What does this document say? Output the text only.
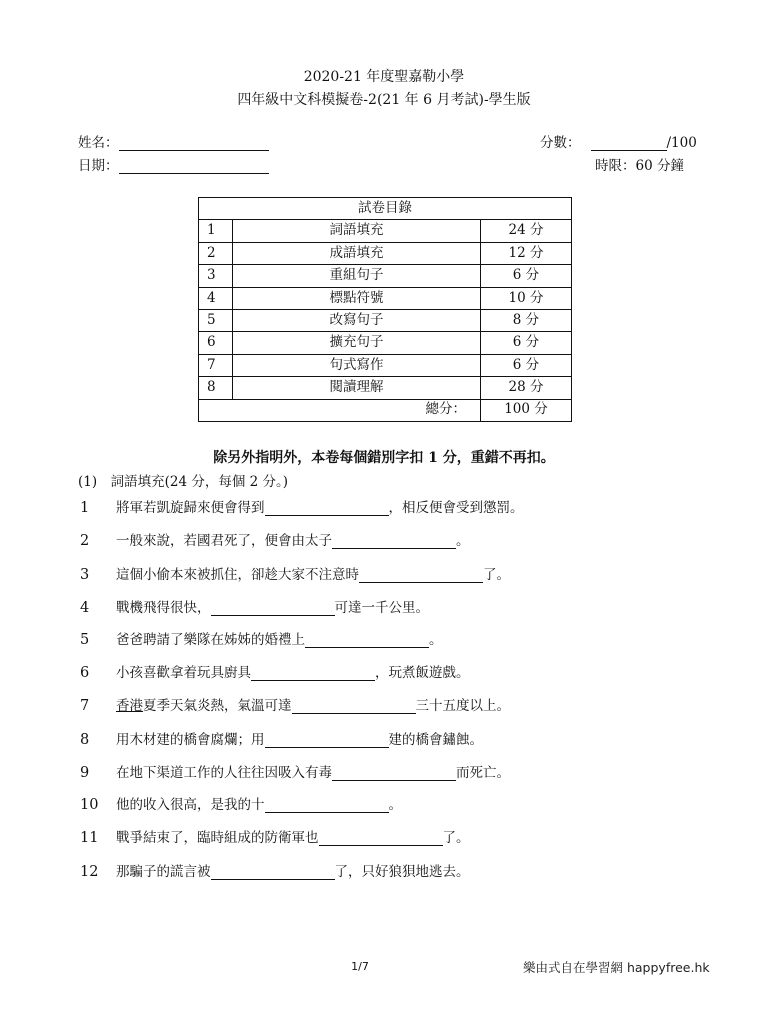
2020-21 年度聖嘉勒小學
四年級中文科模擬卷-2(21 年 6 月考試)-學生版
姓名：
日期：
分數：	/100
時限：60 分鐘
試卷目錄		
1	詞語填充	24 分
2	成語填充	12 分
3	重組句子	6 分
4	標點符號	10 分
5	改寫句子	8 分
6	擴充句子	6 分
7	句式寫作	6 分
8	閱讀理解	28 分
總分：		100 分
除另外指明外，本卷每個錯別字扣 1 分，重錯不再扣。
(1)　詞語填充(24 分，每個 2 分。)
1	將軍若凱旋歸來便會得到	，相反便會受到懲罰。
2	一般來說，若國君死了，便會由太子	。
3	這個小偷本來被抓住，卻趁大家不注意時	了。
4	戰機飛得很快，	可達一千公里。
5	爸爸聘請了樂隊在姊姊的婚禮上	。
6	小孩喜歡拿着玩具廚具	，玩煮飯遊戲。
7	香港 夏季天氣炎熱，氣溫可達	三十五度以上。
8	用木材建的橋會腐爛；用	建的橋會鏽蝕。
9	在地下渠道工作的人往往因吸入有毒	而死亡。
10	他的收入很高，是我的十	。
11	戰爭結束了，臨時組成的防衛軍也	了。
12	那騙子的謊言被	了，只好狼狽地逃去。
1/7	樂由式自在學習網 happyfree.hk
